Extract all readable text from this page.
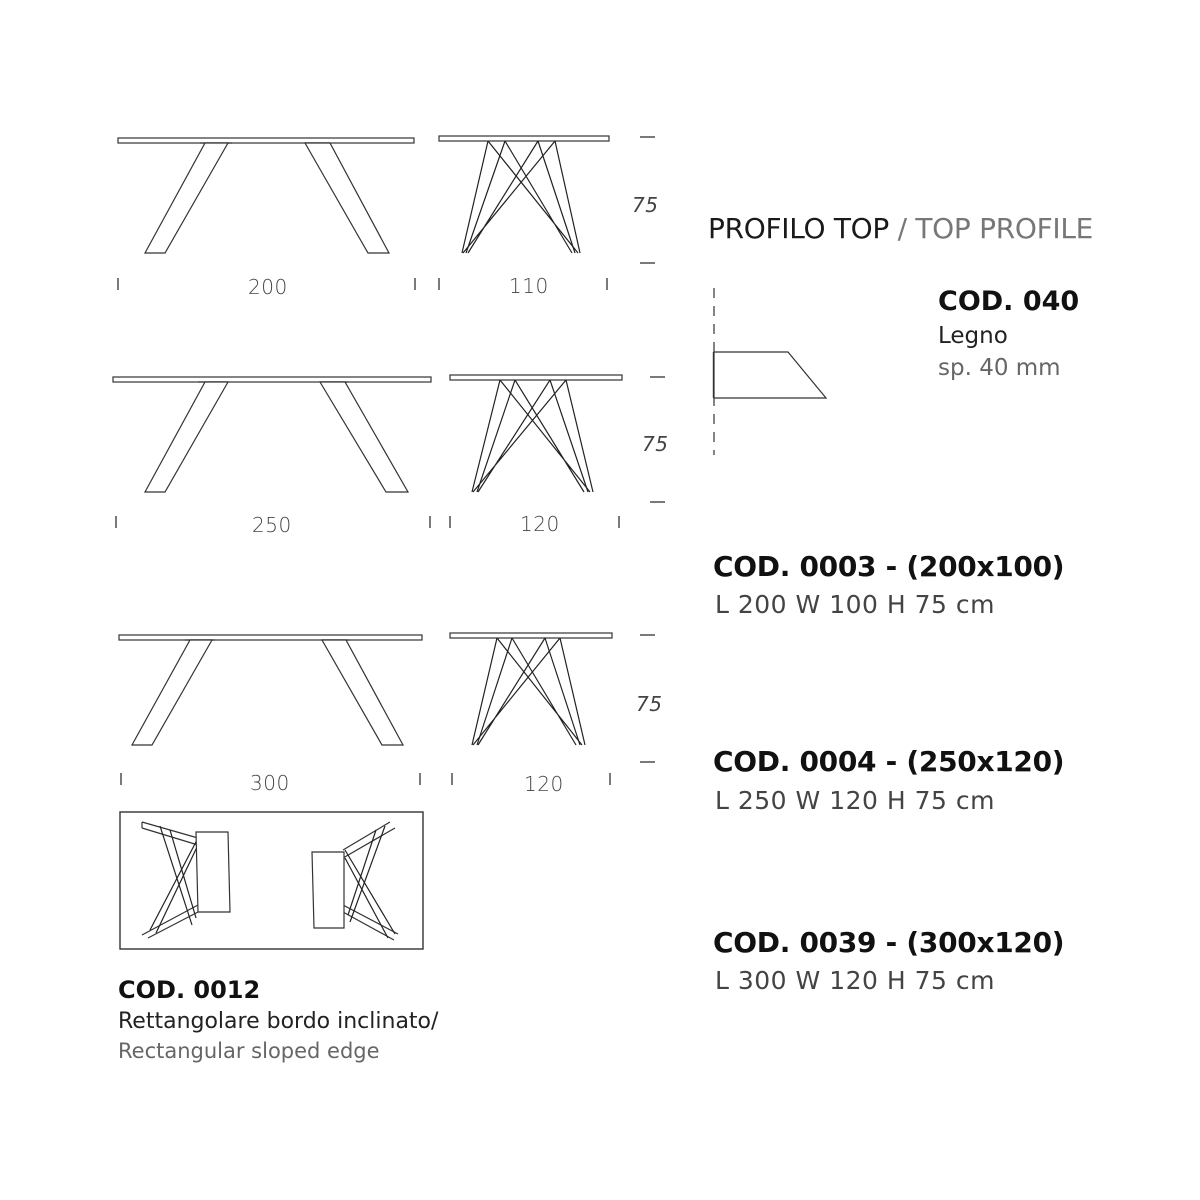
200	110
75
250	120
75
300	120
75
PROFILO TOP / TOP PROFILE
COD. 040
Legno
sp. 40 mm
COD. 0003 - (200x100)
L 200 W 100 H 75 cm
COD. 0004 - (250x120)
L 250 W 120 H 75 cm
COD. 0039 - (300x120)
L 300 W 120 H 75 cm
COD. 0012
Rettangolare bordo inclinato/
Rectangular sloped edge
